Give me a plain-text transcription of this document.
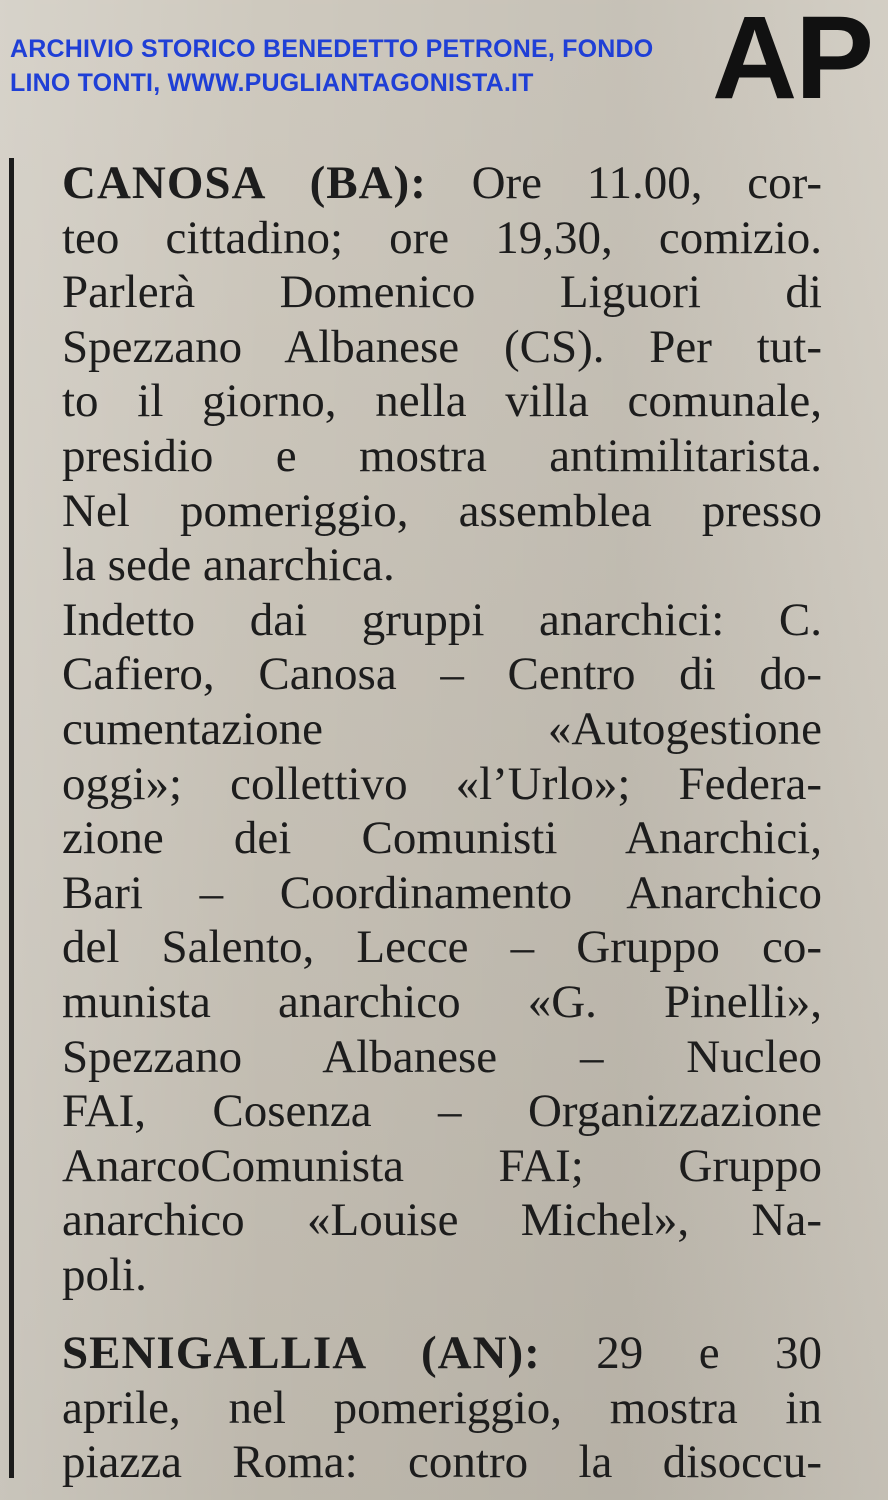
ARCHIVIO STORICO BENEDETTO PETRONE, FONDO
LINO TONTI, WWW.PUGLIANTAGONISTA.IT	AP
CANOSA (BA): Ore 11.00, cor-
teo cittadino; ore 19,30, comizio.
Parlerà Domenico Liguori di
Spezzano Albanese (CS). Per tut-
to il giorno, nella villa comunale,
presidio e mostra antimilitarista.
Nel pomeriggio, assemblea presso
la sede anarchica.
Indetto dai gruppi anarchici: C.
Cafiero, Canosa – Centro di do-
cumentazione «Autogestione
oggi»; collettivo «l’Urlo»; Federa-
zione dei Comunisti Anarchici,
Bari – Coordinamento Anarchico
del Salento, Lecce – Gruppo co-
munista anarchico «G. Pinelli»,
Spezzano Albanese – Nucleo
FAI, Cosenza – Organizzazione
AnarcoComunista FAI; Gruppo
anarchico «Louise Michel», Na-
poli.
SENIGALLIA (AN): 29 e 30
aprile, nel pomeriggio, mostra in
piazza Roma: contro la disoccu-
